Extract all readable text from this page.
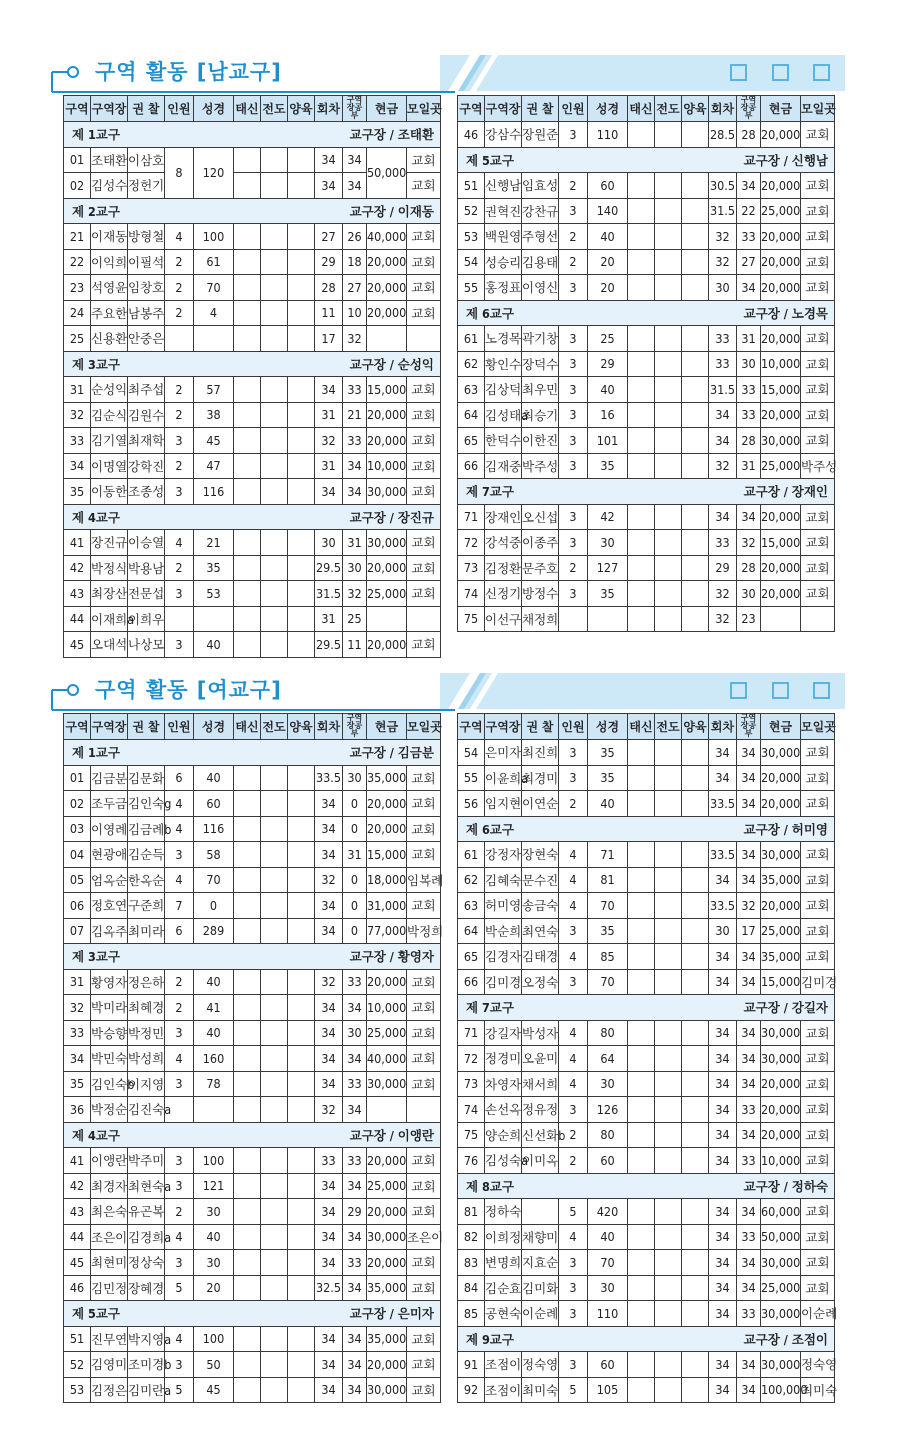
구역 활동 [남교구]
구역	구역장	권 찰	인원	성경	태신	전도	양육	회차	구역장공부	현금	모일곳
제 1교구 교구장 / 조태환											

01	조태환	이삼호	8	120				34	34	50,000	교회
02	김성수	정헌기						34	34		교회
제 2교구 교구장 / 이재동											

21	이재동	방형철	4	100				27	26	40,000	교회
22	이익희	이필석	2	61				29	18	20,000	교회
23	석영윤	임창호	2	70				28	27	20,000	교회
24	주요한	남봉주	2	4				11	10	20,000	교회
25	신용환	안중은						17	32		
제 3교구 교구장 / 순성익											

31	순성익	최주섭	2	57				34	33	15,000	교회
32	김순식	김원수	2	38				31	21	20,000	교회
33	김기열	최재학	3	45				32	33	20,000	교회
34	이명열	강학진	2	47				31	34	10,000	교회
35	이동한	조종성	3	116				34	34	30,000	교회
제 4교구 교구장 / 장진규											

41	장진규	이승열	4	21				30	31	30,000	교회
42	박정식	박용남	2	35				29.5	30	20,000	교회
43	최장산	전문섭	3	53				31.5	32	25,000	교회
44	이재희a	이희우						31	25		
45	오대석	나상모	3	40				29.5	11	20,000	교회
구역	구역장	권 찰	인원	성경	태신	전도	양육	회차	구역장공부	현금	모일곳
46	강삼수	장원준	3	110				28.5	28	20,000	교회
제 5교구 교구장 / 신행남											

51	신행남	임효성	2	60				30.5	34	20,000	교회
52	권혁진	강찬규	3	140				31.5	22	25,000	교회
53	백원영	주형선	2	40				32	33	20,000	교회
54	성승리	김용태	2	20				32	27	20,000	교회
55	홍정표	이영신	3	20				30	34	20,000	교회
제 6교구 교구장 / 노경목											

61	노경목	곽기창	3	25				33	31	20,000	교회
62	황인수	장덕수	3	29				33	30	10,000	교회
63	김상덕	최우민	3	40				31.5	33	15,000	교회
64	김성태a	최승기	3	16				34	33	20,000	교회
65	한덕수	이한진	3	101				34	28	30,000	교회
66	김재중	박주성	3	35				32	31	25,000	박주성
제 7교구 교구장 / 장재인											

71	장재인	오신섭	3	42				34	34	20,000	교회
72	강석중	이종주	3	30				33	32	15,000	교회
73	김정환	문주호	2	127				29	28	20,000	교회
74	신정기	방정수	3	35				32	30	20,000	교회
75	이선구	채정희						32	23		
구역 활동 [여교구]
구역	구역장	권 찰	인원	성경	태신	전도	양육	회차	구역장공부	현금	모일곳
제 1교구 교구장 / 김금분											

01	김금분	김문화	6	40				33.5	30	35,000	교회
02	조두금	김인숙g	4	60				34	0	20,000	교회
03	이영례	김금례b	4	116				34	0	20,000	교회
04	현광애	김순득	3	58				34	31	15,000	교회
05	엄옥순	한옥순	4	70				32	0	18,000	임복례
06	정호연	구준희	7	0				34	0	31,000	교회
07	김옥주	최미라	6	289				34	0	77,000	박정희
제 3교구 교구장 / 황영자											

31	황영자	정은하	2	40				32	33	20,000	교회
32	박미라	최혜경	2	41				34	34	10,000	교회
33	박승향	박정민	3	40				34	30	25,000	교회
34	박민숙	박성희	4	160				34	34	40,000	교회
35	김인숙b	이지영	3	78				34	33	30,000	교회
36	박정순	김진숙a						32	34		
제 4교구 교구장 / 이앵란											

41	이앵란	박주미	3	100				33	33	20,000	교회
42	최경자	최현숙a	3	121				34	34	25,000	교회
43	최은숙	유곤복	2	30				34	29	20,000	교회
44	조은이	김경희a	4	40				34	34	30,000	조은이
45	최현미	정상숙	3	30				34	33	20,000	교회
46	김민정	장혜경	5	20				32.5	34	35,000	교회
제 5교구 교구장 / 은미자											

51	진무연	박지영a	4	100				34	34	35,000	교회
52	김영미	조미경b	3	50				34	34	20,000	교회
53	김정은	김미란a	5	45				34	34	30,000	교회
구역	구역장	권 찰	인원	성경	태신	전도	양육	회차	구역장공부	현금	모일곳
54	은미자	최진희	3	35				34	34	30,000	교회
55	이윤희a	최경미	3	35				34	34	20,000	교회
56	임지현	이연순	2	40				33.5	34	20,000	교회
제 6교구 교구장 / 허미영											

61	강정자	장현숙	4	71				33.5	34	30,000	교회
62	김혜숙	문수진	4	81				34	34	35,000	교회
63	허미영	송금숙	4	70				33.5	32	20,000	교회
64	박순희	최연숙	3	35				30	17	25,000	교회
65	김경자	김태경	4	85				34	34	35,000	교회
66	김미경	오정숙	3	70				34	34	15,000	김미경
제 7교구 교구장 / 강길자											

71	강길자	박성자	4	80				34	34	30,000	교회
72	정경미	오윤미	4	64				34	34	30,000	교회
73	차영자	채서희	4	30				34	34	20,000	교회
74	손선옥	정유정	3	126				34	33	20,000	교회
75	양순희	신선화b	2	80				34	34	20,000	교회
76	김성숙a	이미옥	2	60				34	33	10,000	교회
제 8교구 교구장 / 정하숙											

81	정하숙		5	420				34	34	60,000	교회
82	이희정	채향미	4	40				34	33	50,000	교회
83	변명희	지효순	3	70				34	34	30,000	교회
84	김순효	김미화	3	30				34	34	25,000	교회
85	공현숙	이순례	3	110				34	33	30,000	이순례
제 9교구 교구장 / 조점이											

91	조점이	정숙영	3	60				34	34	30,000	정숙영
92	조점이	최미숙	5	105				34	34	100,000	최미숙
